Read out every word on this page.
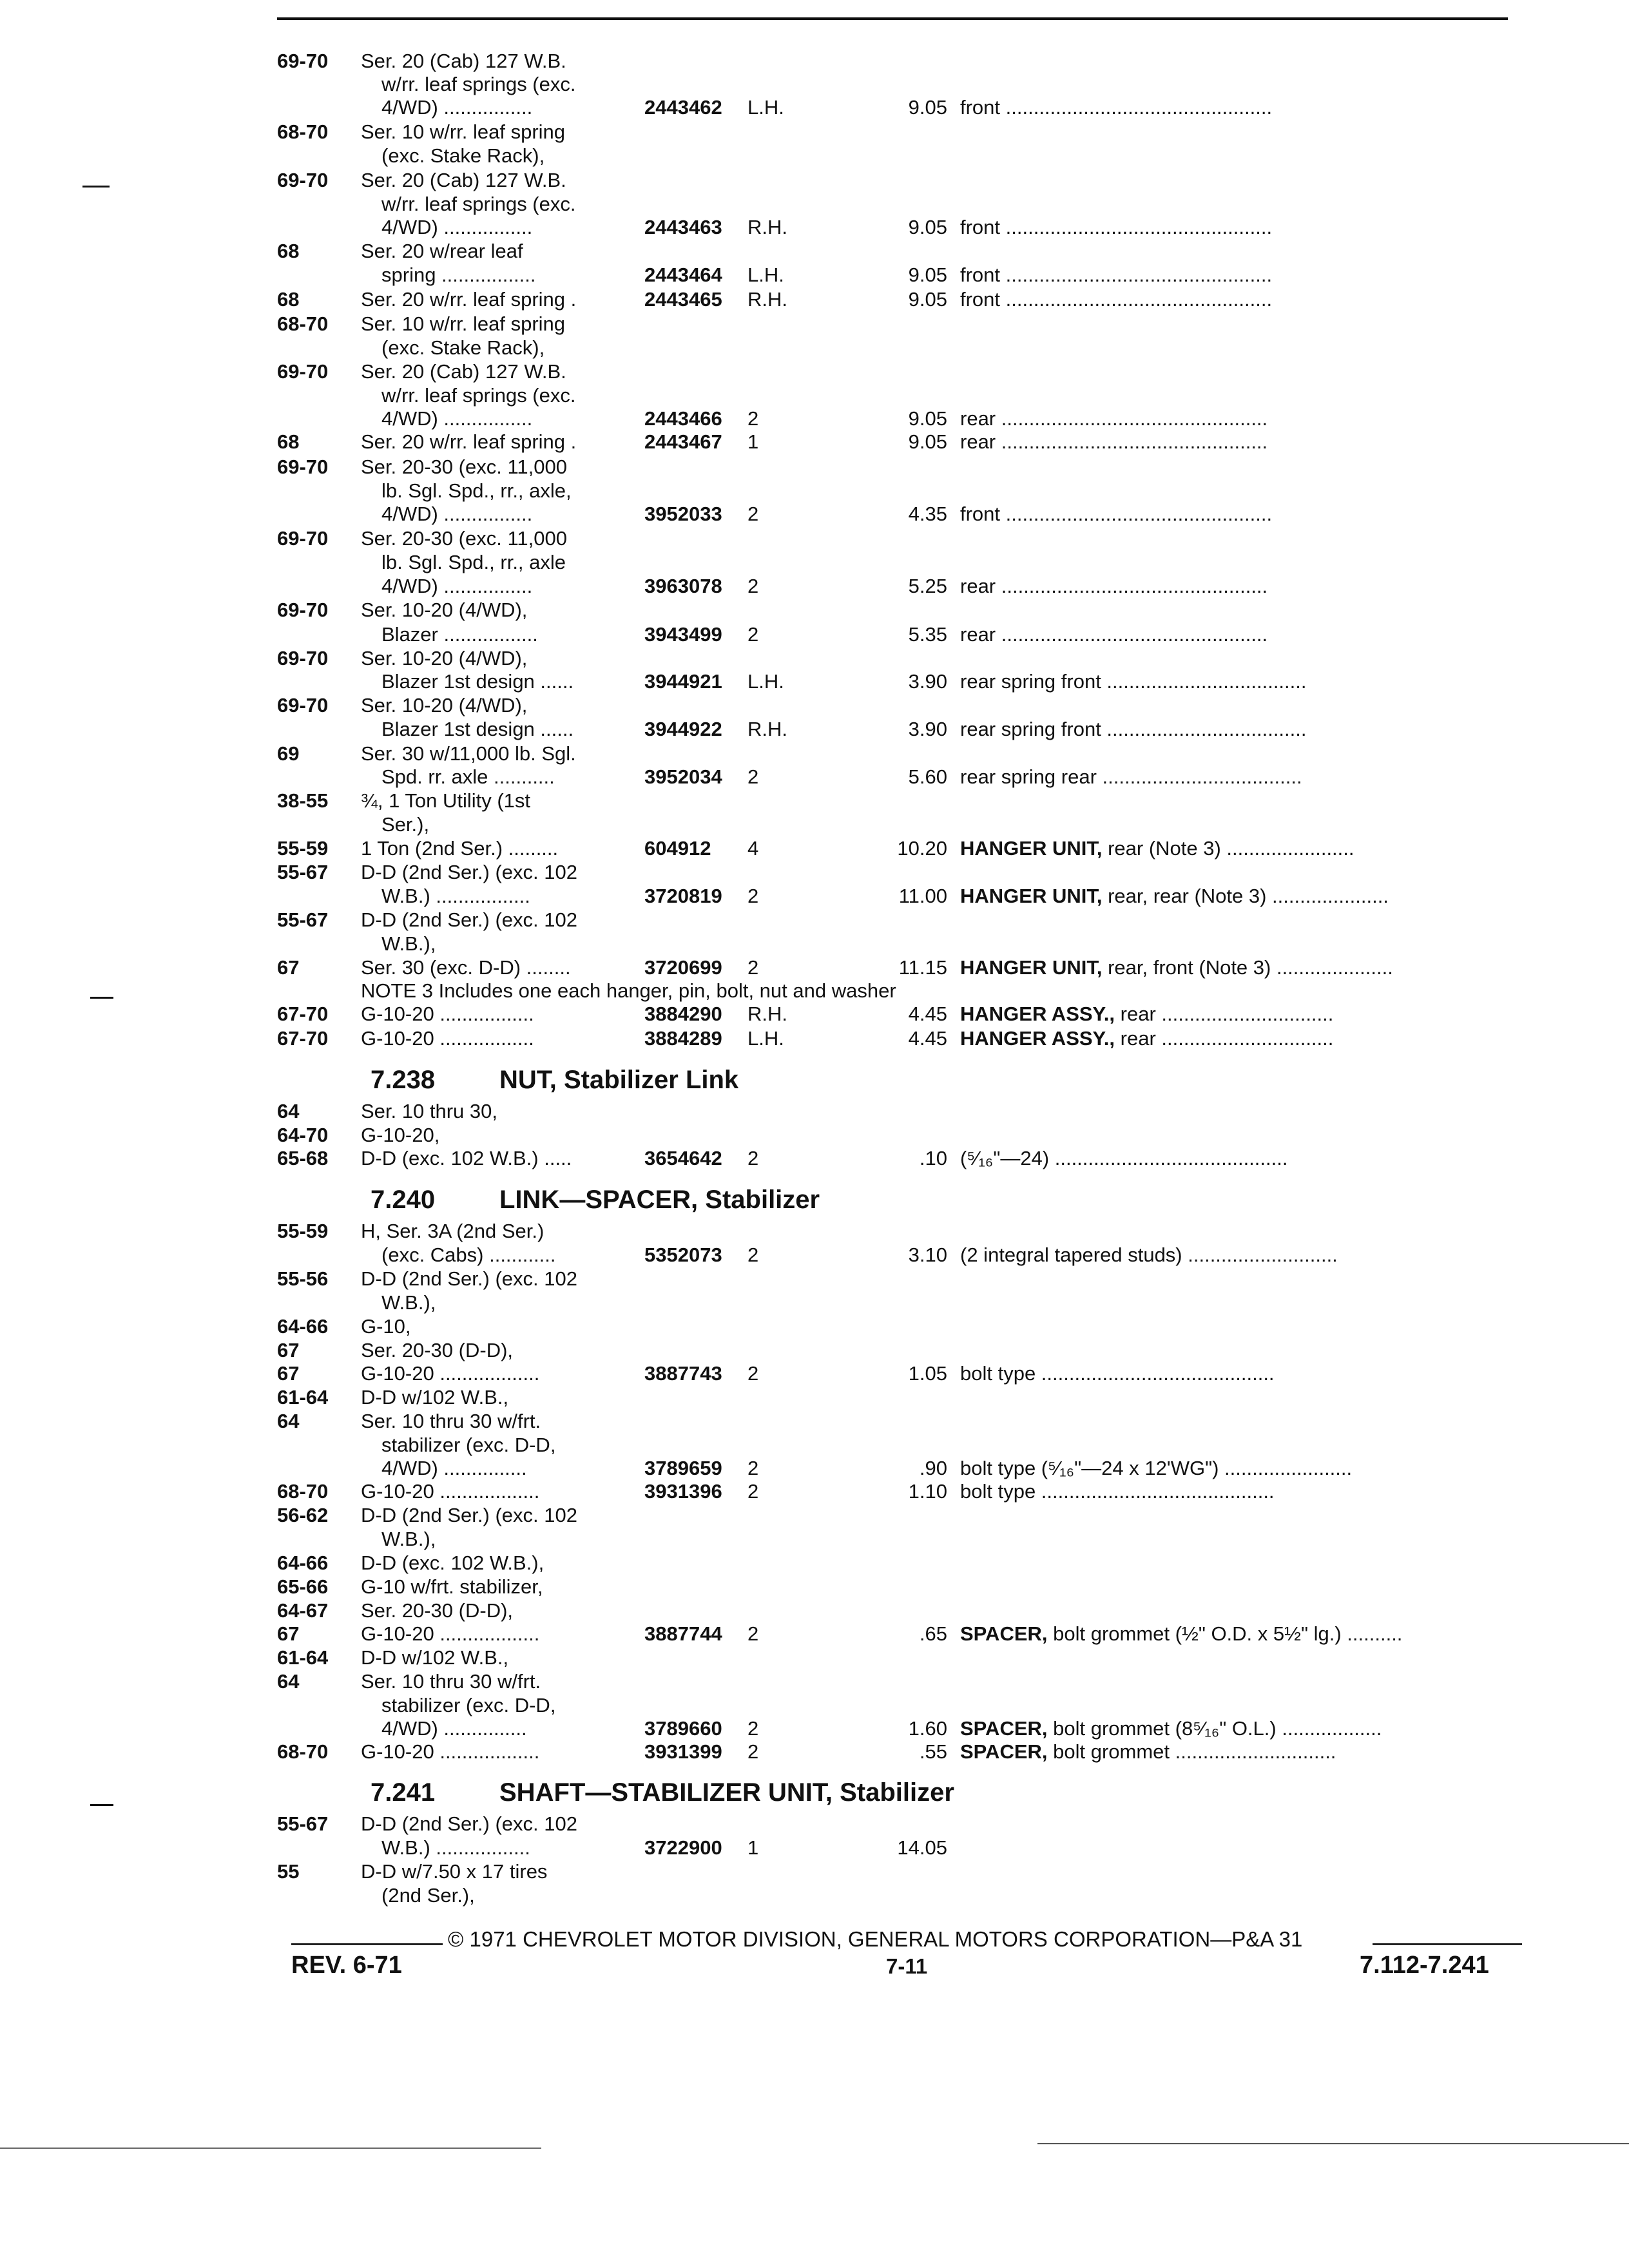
69-70 Ser. 20 (Cab) 127 W.B.
w/rr. leaf springs (exc.
4/WD) ................	2443462 L.H.	9.05 front ................................................
68-70 Ser. 10 w/rr. leaf spring
(exc. Stake Rack),
69-70 Ser. 20 (Cab) 127 W.B.
w/rr. leaf springs (exc.
4/WD) ................	2443463 R.H.	9.05 front ................................................
68	Ser. 20 w/rear leaf
spring .................	2443464 L.H.	9.05 front ................................................
68	Ser. 20 w/rr. leaf spring .	2443465 R.H.	9.05 front ................................................
68-70 Ser. 10 w/rr. leaf spring
(exc. Stake Rack),
69-70 Ser. 20 (Cab) 127 W.B.
w/rr. leaf springs (exc.
4/WD) ................	2443466 2	9.05 rear ................................................
68	Ser. 20 w/rr. leaf spring .	2443467 1	9.05 rear ................................................
69-70 Ser. 20-30 (exc. 11,000
lb. Sgl. Spd., rr., axle,
4/WD) ................	3952033 2	4.35 front ................................................
69-70 Ser. 20-30 (exc. 11,000
lb. Sgl. Spd., rr., axle
4/WD) ................	3963078 2	5.25 rear ................................................
69-70 Ser. 10-20 (4/WD),
Blazer .................	3943499 2	5.35 rear ................................................
69-70 Ser. 10-20 (4/WD),
Blazer 1st design ......	3944921 L.H.	3.90 rear spring front ....................................
69-70 Ser. 10-20 (4/WD),
Blazer 1st design ......	3944922 R.H.	3.90 rear spring front ....................................
69	Ser. 30 w/11,000 lb. Sgl.
Spd. rr. axle ...........	3952034 2	5.60 rear spring rear ....................................
38-55 ¾, 1 Ton Utility (1st
Ser.),
55-59 1 Ton (2nd Ser.) .........	604912 4	10.20 HANGER UNIT, rear (Note 3) .......................
55-67 D-D (2nd Ser.) (exc. 102
W.B.) .................	3720819 2	11.00 HANGER UNIT, rear, rear (Note 3) .....................
55-67 D-D (2nd Ser.) (exc. 102
W.B.),
67	Ser. 30 (exc. D-D) ........	3720699 2	11.15 HANGER UNIT, rear, front (Note 3) .....................
NOTE 3 Includes one each hanger, pin, bolt, nut and washer
67-70 G-10-20 .................	3884290 R.H.	4.45 HANGER ASSY., rear ...............................
67-70 G-10-20 .................	3884289 L.H.	4.45 HANGER ASSY., rear ...............................
7.238 NUT, Stabilizer Link
64	Ser. 10 thru 30,
64-70 G-10-20,
65-68 D-D (exc. 102 W.B.) .....	3654642 2	.10 (⁵⁄₁₆"—24) ..........................................
7.240 LINK—SPACER, Stabilizer
55-59 H, Ser. 3A (2nd Ser.)
(exc. Cabs) ............	5352073 2	3.10 (2 integral tapered studs) ...........................
55-56 D-D (2nd Ser.) (exc. 102
W.B.),
64-66 G-10,
67	Ser. 20-30 (D-D),
67	G-10-20 ..................	3887743 2	1.05 bolt type ..........................................
61-64 D-D w/102 W.B.,
64	Ser. 10 thru 30 w/frt.
stabilizer (exc. D-D,
4/WD) ...............	3789659 2	.90 bolt type (⁵⁄₁₆"—24 x 12'WG") .......................
68-70 G-10-20 ..................	3931396 2	1.10 bolt type ..........................................
56-62 D-D (2nd Ser.) (exc. 102
W.B.),
64-66 D-D (exc. 102 W.B.),
65-66 G-10 w/frt. stabilizer,
64-67 Ser. 20-30 (D-D),
67	G-10-20 ..................	3887744 2	.65 SPACER, bolt grommet (½" O.D. x 5½" lg.) ..........
61-64 D-D w/102 W.B.,
64	Ser. 10 thru 30 w/frt.
stabilizer (exc. D-D,
4/WD) ...............	3789660 2	1.60 SPACER, bolt grommet (8⁵⁄₁₆" O.L.) ..................
68-70 G-10-20 ..................	3931399 2	.55 SPACER, bolt grommet .............................
7.241 SHAFT—STABILIZER UNIT, Stabilizer
55-67 D-D (2nd Ser.) (exc. 102
W.B.) .................	3722900 1	14.05
55	D-D w/7.50 x 17 tires
(2nd Ser.),
© 1971 CHEVROLET MOTOR DIVISION, GENERAL MOTORS CORPORATION—P&A 31
REV. 6-71	7-11	7.112-7.241
